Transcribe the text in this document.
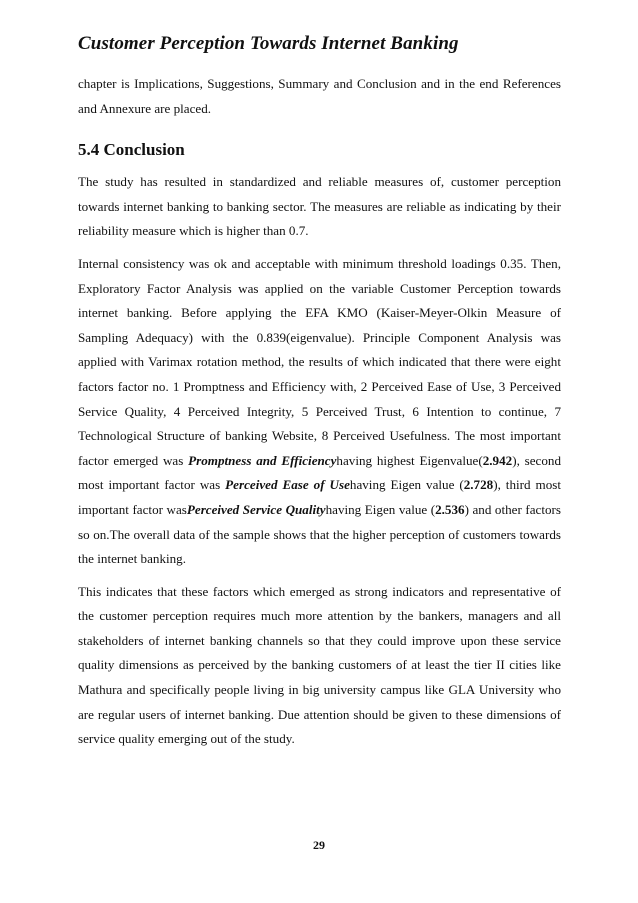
Customer Perception Towards Internet Banking

chapter is Implications, Suggestions, Summary and Conclusion and in the end References and Annexure are placed.

5.4 Conclusion

The study has resulted in standardized and reliable measures of, customer perception towards internet banking to banking sector. The measures are reliable as indicating by their reliability measure which is higher than 0.7.

Internal consistency was ok and acceptable with minimum threshold loadings 0.35. Then, Exploratory Factor Analysis was applied on the variable Customer Perception towards internet banking. Before applying the EFA KMO (Kaiser-Meyer-Olkin Measure of Sampling Adequacy) with the 0.839(eigenvalue). Principle Component Analysis was applied with Varimax rotation method, the results of which indicated that there were eight factors factor no. 1 Promptness and Efficiency with, 2 Perceived Ease of Use, 3 Perceived Service Quality, 4 Perceived Integrity, 5 Perceived Trust, 6 Intention to continue, 7 Technological Structure of banking Website, 8 Perceived Usefulness. The most important factor emerged was Promptness and Efficiencyhaving highest Eigenvalue(2.942), second most important factor was Perceived Ease of Usehaving Eigen value (2.728), third most important factor wasPerceived Service Qualityhaving Eigen value (2.536) and other factors so on.The overall data of the sample shows that the higher perception of customers towards the internet banking.

This indicates that these factors which emerged as strong indicators and representative of the customer perception requires much more attention by the bankers, managers and all stakeholders of internet banking channels so that they could improve upon these service quality dimensions as perceived by the banking customers of at least the tier II cities like Mathura and specifically people living in big university campus like GLA University who are regular users of internet banking. Due attention should be given to these dimensions of service quality emerging out of the study.

29
